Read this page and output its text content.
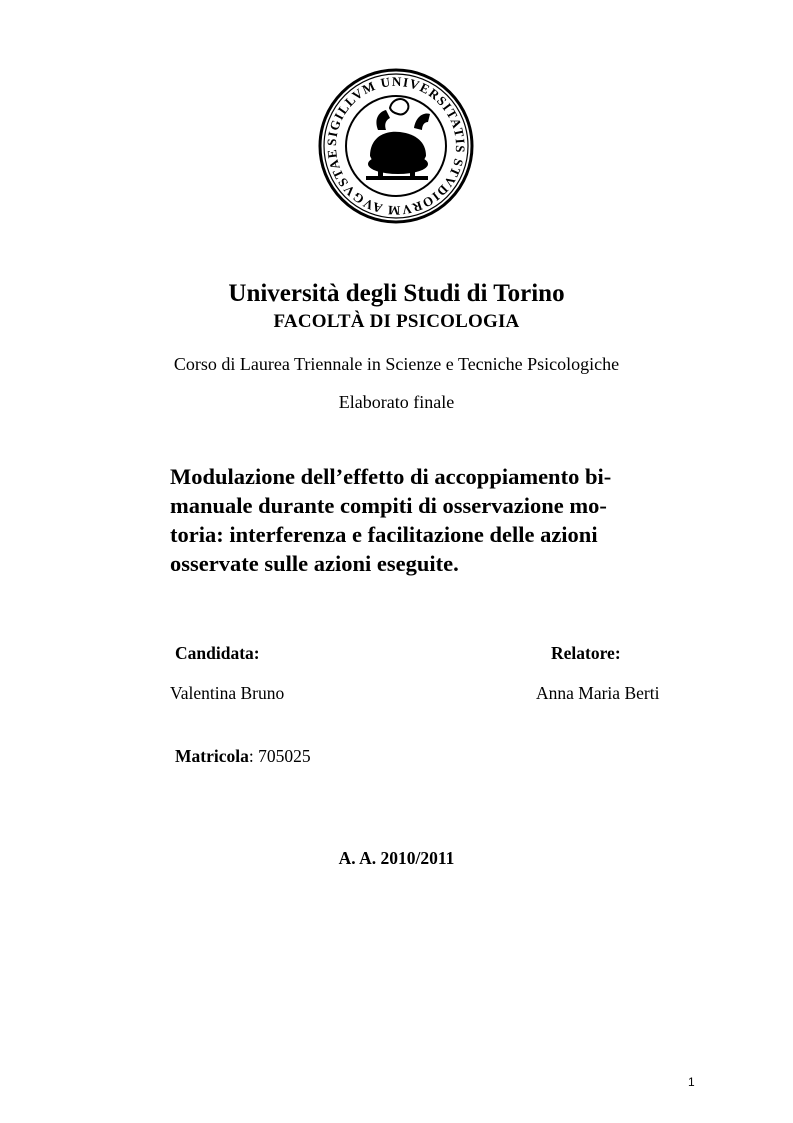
SIGILLVM UNIVERSITATIS STVDIORVM AVGVSTAE
Università degli Studi di Torino
FACOLTÀ DI PSICOLOGIA
Corso di Laurea Triennale in Scienze e Tecniche Psicologiche
Elaborato finale
Modulazione dell’effetto di accoppiamento bi-
manuale durante compiti di osservazione mo-
toria: interferenza e facilitazione delle azioni
osservate sulle azioni eseguite.
Candidata:	Relatore:
Valentina Bruno	Anna Maria Berti
Matricola: 705025
A. A. 2010/2011
1
